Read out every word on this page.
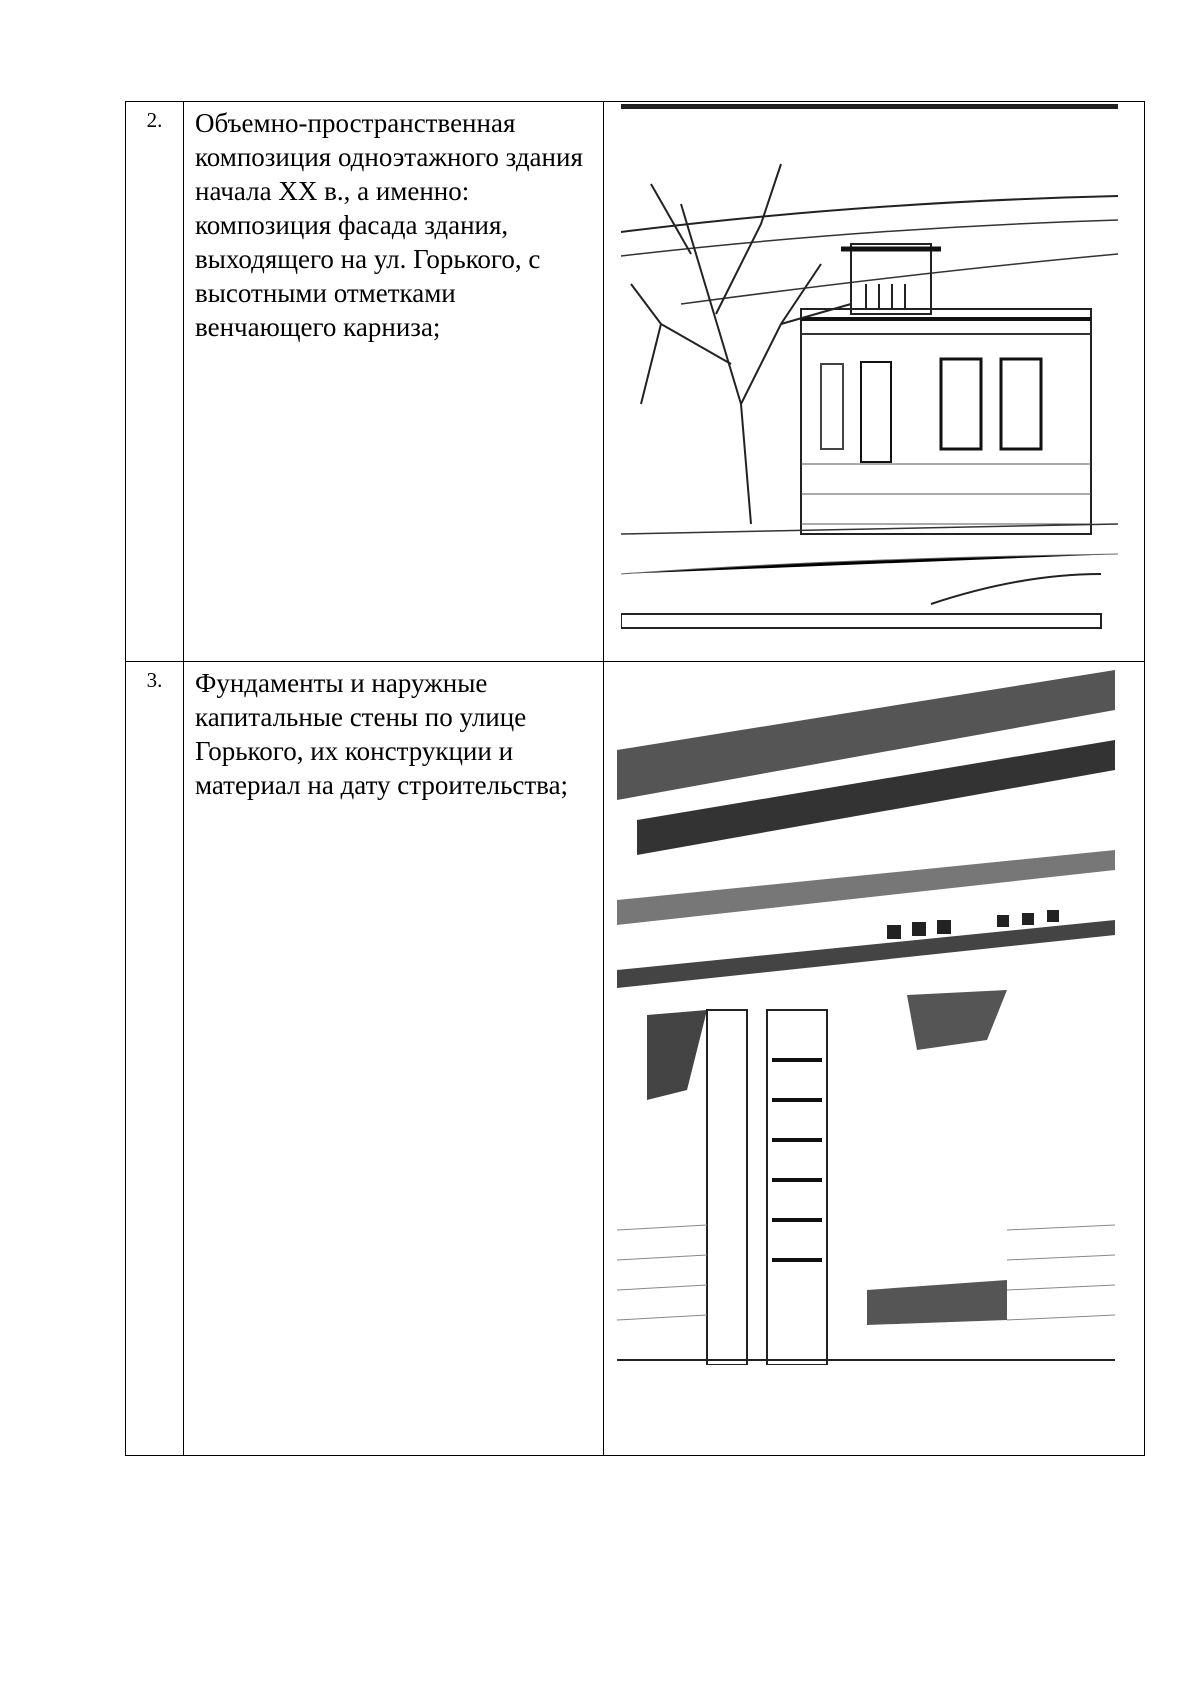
2.	Объемно-пространственная композиция одноэтажного здания начала XX в., а именно: композиция фасада здания, выходящего на ул. Горького, с высотными отметками венчающего карниза;	

3.	Фундаменты и наружные капитальные стены по улице Горького, их конструкции и материал на дату строительства;	
